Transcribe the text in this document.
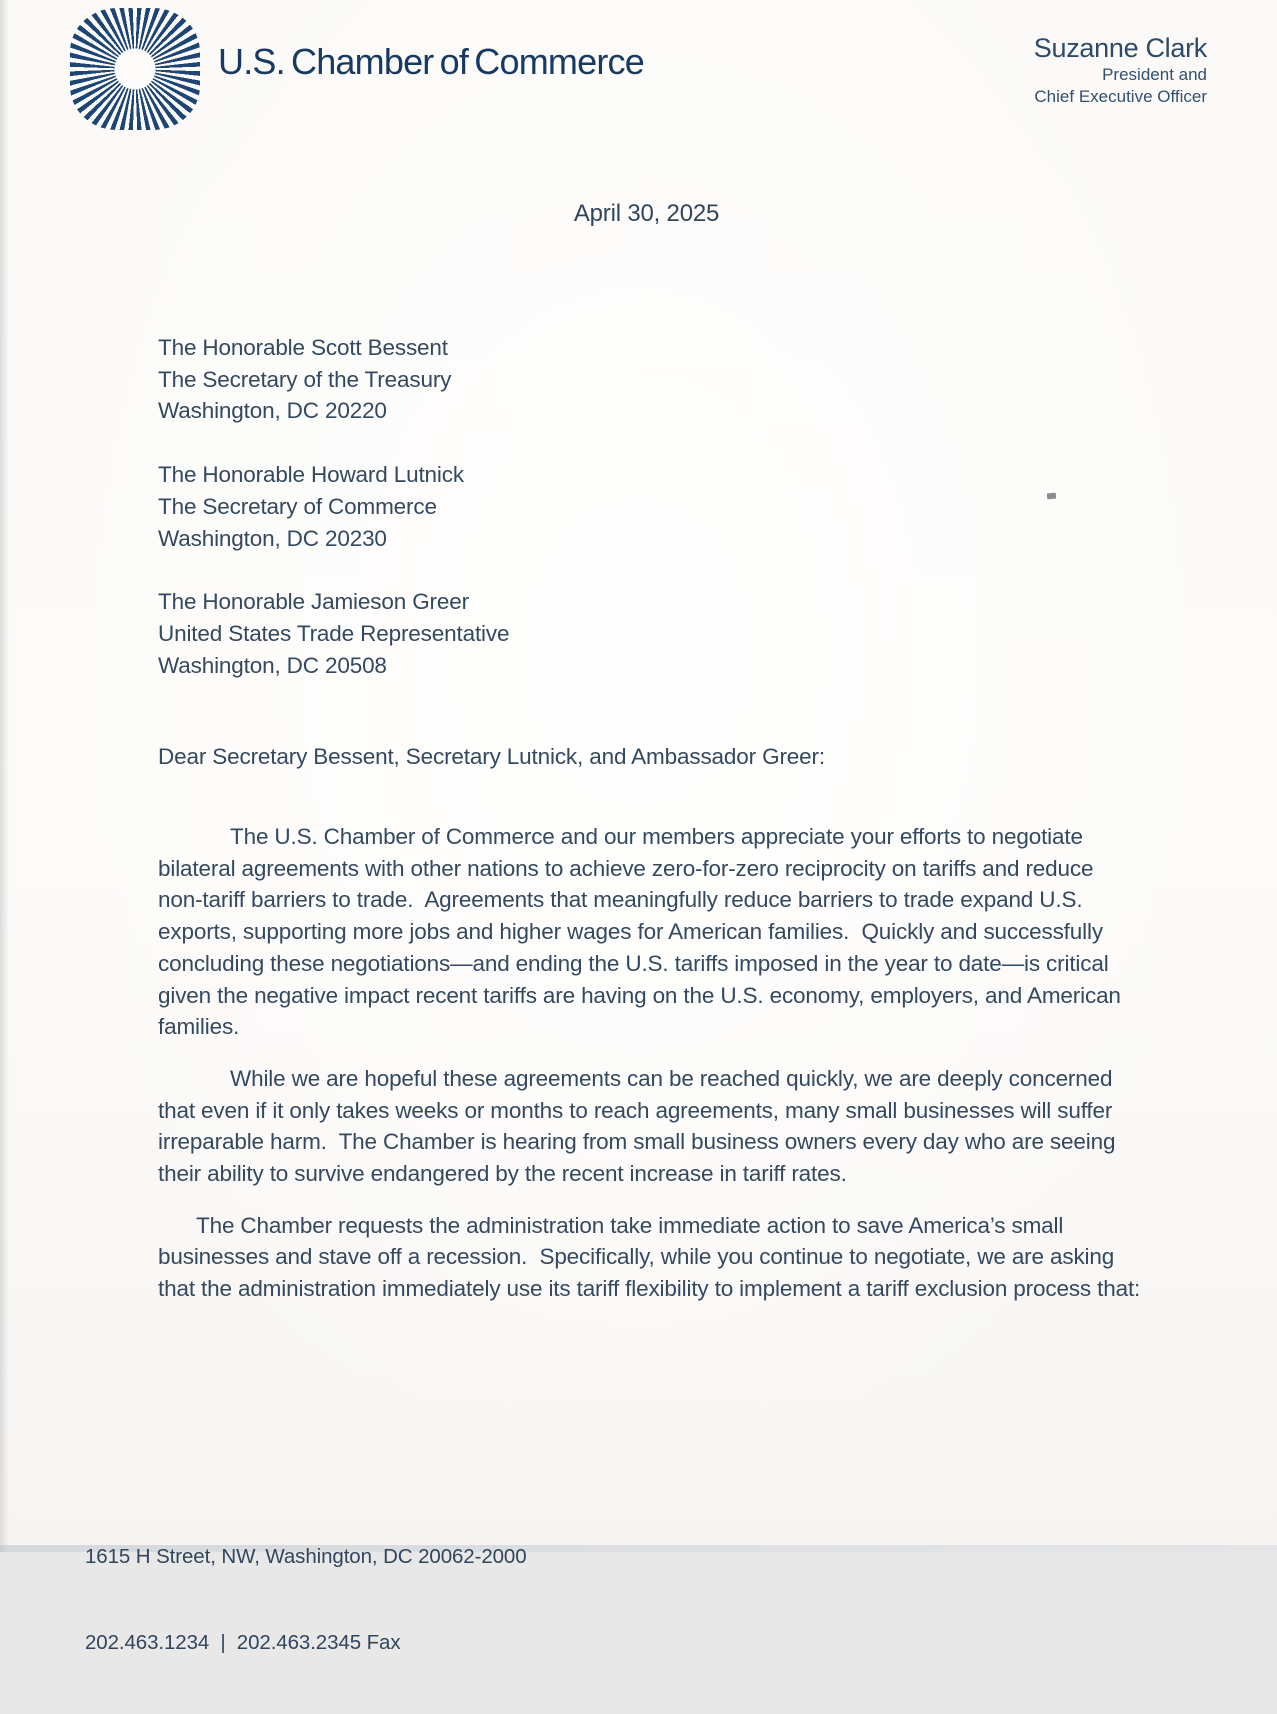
U.S. Chamber of Commerce	Suzanne Clark
President and
Chief Executive Officer
April 30, 2025
The Honorable Scott Bessent
The Secretary of the Treasury
Washington, DC 20220
The Honorable Howard Lutnick
The Secretary of Commerce
Washington, DC 20230
The Honorable Jamieson Greer
United States Trade Representative
Washington, DC 20508
Dear Secretary Bessent, Secretary Lutnick, and Ambassador Greer:

The U.S. Chamber of Commerce and our members appreciate your efforts to negotiate bilateral agreements with other nations to achieve zero-for-zero reciprocity on tariffs and reduce non-tariff barriers to trade.  Agreements that meaningfully reduce barriers to trade expand U.S. exports, supporting more jobs and higher wages for American families.  Quickly and successfully concluding these negotiations—and ending the U.S. tariffs imposed in the year to date—is critical given the negative impact recent tariffs are having on the U.S. economy, employers, and American families.

While we are hopeful these agreements can be reached quickly, we are deeply concerned that even if it only takes weeks or months to reach agreements, many small businesses will suffer irreparable harm.  The Chamber is hearing from small business owners every day who are seeing their ability to survive endangered by the recent increase in tariff rates.

The Chamber requests the administration take immediate action to save America’s small businesses and stave off a recession.  Specifically, while you continue to negotiate, we are asking that the administration immediately use its tariff flexibility to implement a tariff exclusion process that:

1615 H Street, NW, Washington, DC 20062-2000

202.463.1234  |  202.463.2345 Fax
